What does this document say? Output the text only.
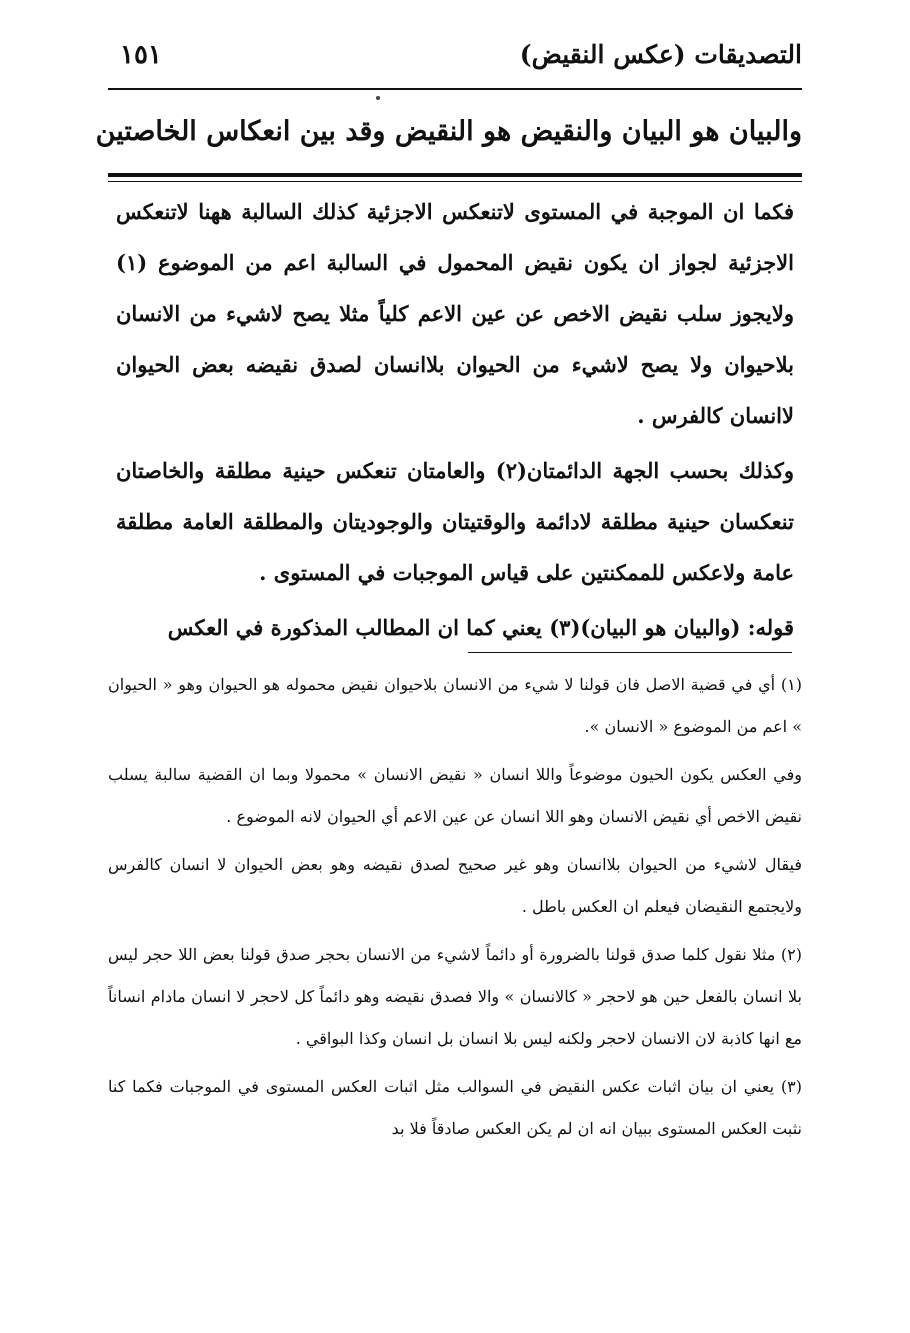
التصديقات (عكس النقيض)
١٥١
والبيان هو البيان والنقيض هو النقيض وقد بين انعكاس الخاصتين

فكما ان الموجبة في المستوى لاتنعكس الاجزئية كذلك السالبة ههنا لاتنعكس الاجزئية لجواز ان يكون نقيض المحمول في السالبة اعم من الموضوع (١) ولايجوز سلب نقيض الاخص عن عين الاعم كلياً مثلا يصح لاشيء من الانسان بلاحيوان ولا يصح لاشيء من الحيوان بلاانسان لصدق نقيضه بعض الحيوان لاانسان كالفرس .

وكذلك بحسب الجهة الدائمتان(٢) والعامتان تنعكس حينية مطلقة والخاصتان تنعكسان حينية مطلقة لادائمة والوقتيتان والوجوديتان والمطلقة العامة مطلقة عامة ولاعكس للممكنتين على قياس الموجبات في المستوى .

قوله: (والبيان هو البيان)(٣) يعني كما ان المطالب المذكورة في العكس

(١) أي في قضية الاصل فان قولنا لا شيء من الانسان بلاحيوان نقيض محموله هو الحيوان وهو « الحيوان » اعم من الموضوع « الانسان ».

وفي العكس يكون الحيون موضوعاً واللا انسان « نقيض الانسان » محمولا وبما ان القضية سالبة يسلب نقيض الاخص أي نقيض الانسان وهو اللا انسان عن عين الاعم أي الحيوان لانه الموضوع .

فيقال لاشيء من الحيوان بلاانسان وهو غير صحيح لصدق نقيضه وهو بعض الحيوان لا انسان كالفرس ولايجتمع النقيضان فيعلم ان العكس باطل .

(٢) مثلا نقول كلما صدق قولنا بالضرورة أو دائماً لاشيء من الانسان بحجر صدق قولنا بعض اللا حجر ليس بلا انسان بالفعل حين هو لاحجر « كالانسان » والا فصدق نقيضه وهو دائماً كل لاحجر لا انسان مادام انساناً مع انها كاذبة لان الانسان لاحجر ولكنه ليس بلا انسان بل انسان وكذا البواقي .

(٣) يعني ان بيان اثبات عكس النقيض في السوالب مثل اثبات العكس المستوى في الموجبات فكما كنا نثبت العكس المستوى ببيان انه ان لم يكن العكس صادقاً فلا بد
